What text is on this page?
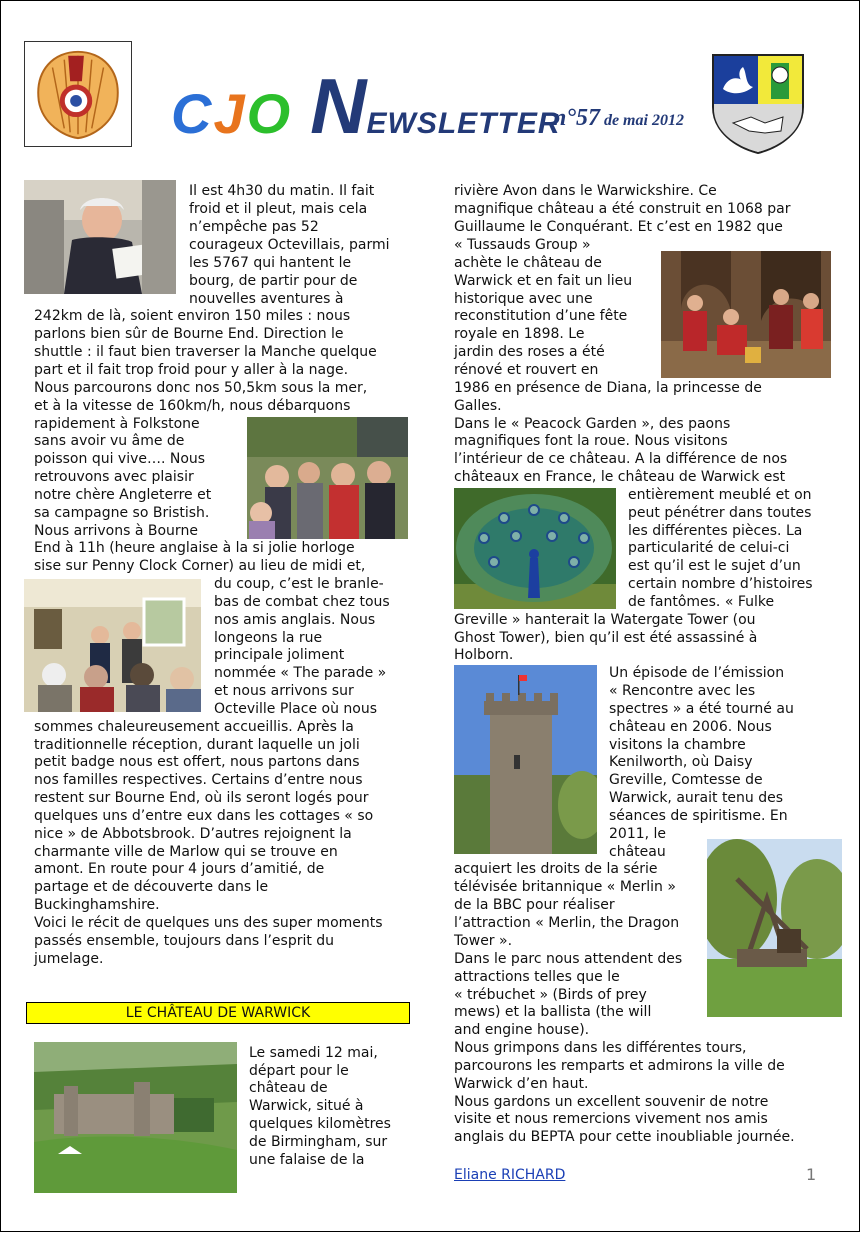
CJO NEWSLETTER
n°57 de mai 2012
Il est 4h30 du matin. Il fait
froid et il pleut, mais cela
n’empêche pas 52
courageux Octevillais, parmi
les 5767 qui hantent le
bourg, de partir pour de
nouvelles aventures à
242km de là, soient environ 150 miles : nous
parlons bien sûr de Bourne End. Direction le
shuttle : il faut bien traverser la Manche quelque
part et il fait trop froid pour y aller à la nage.
Nous parcourons donc nos 50,5km sous la mer,
et à la vitesse de 160km/h, nous débarquons
rapidement à Folkstone
sans avoir vu âme de
poisson qui vive…. Nous
retrouvons avec plaisir
notre chère Angleterre et
sa campagne so Bristish.
Nous arrivons à Bourne
End à 11h (heure anglaise à la si jolie horloge
sise sur Penny Clock Corner) au lieu de midi et,
du coup, c’est le branle-
bas de combat chez tous
nos amis anglais. Nous
longeons la rue
principale joliment
nommée « The parade »
et nous arrivons sur
Octeville Place où nous
sommes chaleureusement accueillis. Après la
traditionnelle réception, durant laquelle un joli
petit badge nous est offert, nous partons dans
nos familles respectives. Certains d’entre nous
restent sur Bourne End, où ils seront logés pour
quelques uns d’entre eux dans les cottages « so
nice » de Abbotsbrook. D’autres rejoignent la
charmante ville de Marlow qui se trouve en
amont. En route pour 4 jours d’amitié, de
partage et de découverte dans le
Buckinghamshire.
Voici le récit de quelques uns des super moments
passés ensemble, toujours dans l’esprit du
jumelage.
LE CHÂTEAU DE WARWICK
Le samedi 12 mai,
départ pour le
château de
Warwick, situé à
quelques kilomètres
de Birmingham, sur
une falaise de la
rivière Avon dans le Warwickshire. Ce
magnifique château a été construit en 1068 par
Guillaume le Conquérant. Et c’est en 1982 que
« Tussauds Group »
achète le château de
Warwick et en fait un lieu
historique avec une
reconstitution d’une fête
royale en 1898. Le
jardin des roses a été
rénové et rouvert en
1986 en présence de Diana, la princesse de
Galles.
Dans le « Peacock Garden », des paons
magnifiques font la roue. Nous visitons
l’intérieur de ce château. A la différence de nos
châteaux en France, le château de Warwick est
entièrement meublé et on
peut pénétrer dans toutes
les différentes pièces. La
particularité de celui-ci
est qu’il est le sujet d’un
certain nombre d’histoires
de fantômes. « Fulke
Greville » hanterait la Watergate Tower (ou
Ghost Tower), bien qu’il est été assassiné à
Holborn.
Un épisode de l’émission
« Rencontre avec les
spectres » a été tourné au
château en 2006. Nous
visitons la chambre
Kenilworth, où Daisy
Greville, Comtesse de
Warwick, aurait tenu des
séances de spiritisme. En
2011, le
château
acquiert les droits de la série
télévisée britannique « Merlin »
de la BBC pour réaliser
l’attraction « Merlin, the Dragon
Tower ».
Dans le parc nous attendent des
attractions telles que le
« trébuchet » (Birds of prey
mews) et la ballista (the will
and engine house).
Nous grimpons dans les différentes tours,
parcourons les remparts et admirons la ville de
Warwick d’en haut.
Nous gardons un excellent souvenir de notre
visite et nous remercions vivement nos amis
anglais du BEPTA pour cette inoubliable journée.
Eliane RICHARD	1
